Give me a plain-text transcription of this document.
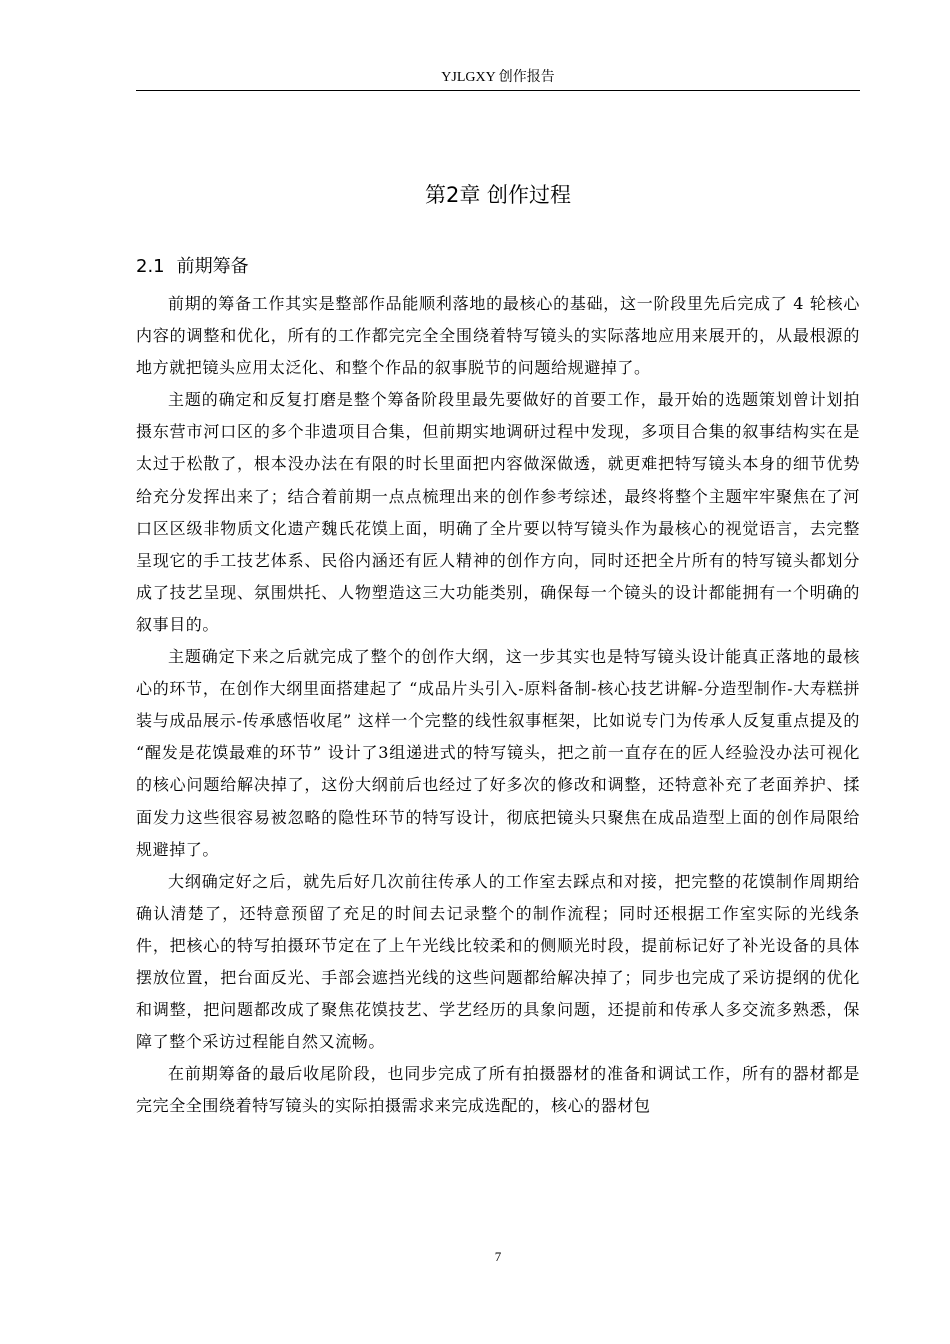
YJLGXY 创作报告
第2章 创作过程
2.1 前期筹备

前期的筹备工作其实是整部作品能顺利落地的最核心的基础，这一阶段里先后完成了 4 轮核心内容的调整和优化，所有的工作都完完全全围绕着特写镜头的实际落地应用来展开的，从最根源的地方就把镜头应用太泛化、和整个作品的叙事脱节的问题给规避掉了。

主题的确定和反复打磨是整个筹备阶段里最先要做好的首要工作，最开始的选题策划曾计划拍摄东营市河口区的多个非遗项目合集，但前期实地调研过程中发现，多项目合集的叙事结构实在是太过于松散了，根本没办法在有限的时长里面把内容做深做透，就更难把特写镜头本身的细节优势给充分发挥出来了；结合着前期一点点梳理出来的创作参考综述，最终将整个主题牢牢聚焦在了河口区区级非物质文化遗产魏氏花馍上面，明确了全片要以特写镜头作为最核心的视觉语言，去完整呈现它的手工技艺体系、民俗内涵还有匠人精神的创作方向，同时还把全片所有的特写镜头都划分成了技艺呈现、氛围烘托、人物塑造这三大功能类别，确保每一个镜头的设计都能拥有一个明确的叙事目的。

主题确定下来之后就完成了整个的创作大纲，这一步其实也是特写镜头设计能真正落地的最核心的环节，在创作大纲里面搭建起了 “成品片头引入-原料备制-核心技艺讲解-分造型制作-大寿糕拼装与成品展示-传承感悟收尾” 这样一个完整的线性叙事框架，比如说专门为传承人反复重点提及的 “醒发是花馍最难的环节” 设计了3组递进式的特写镜头，把之前一直存在的匠人经验没办法可视化的核心问题给解决掉了，这份大纲前后也经过了好多次的修改和调整，还特意补充了老面养护、揉面发力这些很容易被忽略的隐性环节的特写设计，彻底把镜头只聚焦在成品造型上面的创作局限给规避掉了。

大纲确定好之后，就先后好几次前往传承人的工作室去踩点和对接，把完整的花馍制作周期给确认清楚了，还特意预留了充足的时间去记录整个的制作流程；同时还根据工作室实际的光线条件，把核心的特写拍摄环节定在了上午光线比较柔和的侧顺光时段，提前标记好了补光设备的具体摆放位置，把台面反光、手部会遮挡光线的这些问题都给解决掉了；同步也完成了采访提纲的优化和调整，把问题都改成了聚焦花馍技艺、学艺经历的具象问题，还提前和传承人多交流多熟悉，保障了整个采访过程能自然又流畅。

在前期筹备的最后收尾阶段，也同步完成了所有拍摄器材的准备和调试工作，所有的器材都是完完全全围绕着特写镜头的实际拍摄需求来完成选配的，核心的器材包

7
